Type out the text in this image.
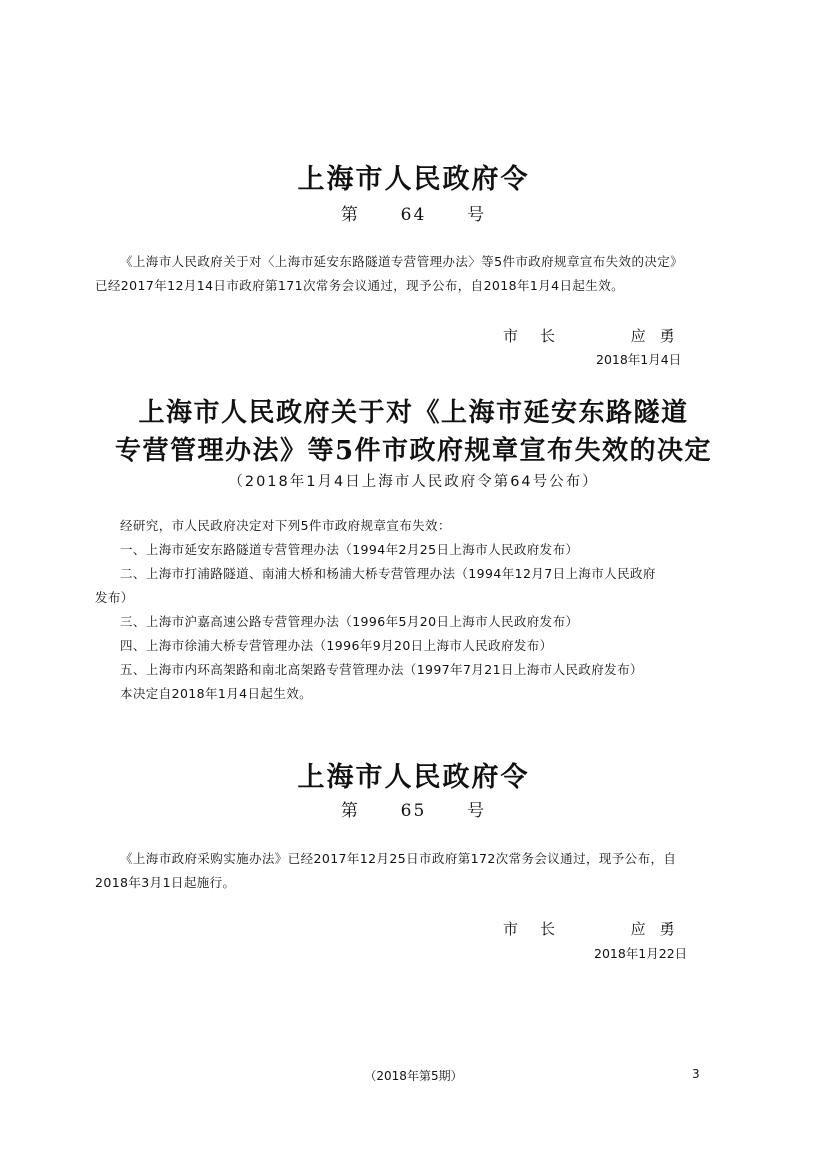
上海市人民政府令
第 64 号
《上海市人民政府关于对〈上海市延安东路隧道专营管理办法〉等5件市政府规章宣布失效的决定》
已经2017年12月14日市政府第171次常务会议通过，现予公布，自2018年1月4日起生效。
市长	应勇
2018年1月4日
上海市人民政府关于对《上海市延安东路隧道
专营管理办法》等5件市政府规章宣布失效的决定
（2018年1月4日上海市人民政府令第64号公布）
经研究，市人民政府决定对下列5件市政府规章宣布失效：
一、上海市延安东路隧道专营管理办法（1994年2月25日上海市人民政府发布）
二、上海市打浦路隧道、南浦大桥和杨浦大桥专营管理办法（1994年12月7日上海市人民政府
发布）
三、上海市沪嘉高速公路专营管理办法（1996年5月20日上海市人民政府发布）
四、上海市徐浦大桥专营管理办法（1996年9月20日上海市人民政府发布）
五、上海市内环高架路和南北高架路专营管理办法（1997年7月21日上海市人民政府发布）
本决定自2018年1月4日起生效。
上海市人民政府令
第 65 号
《上海市政府采购实施办法》已经2017年12月25日市政府第172次常务会议通过，现予公布，自
2018年3月1日起施行。
市长	应勇
2018年1月22日
（2018年第5期）	3
